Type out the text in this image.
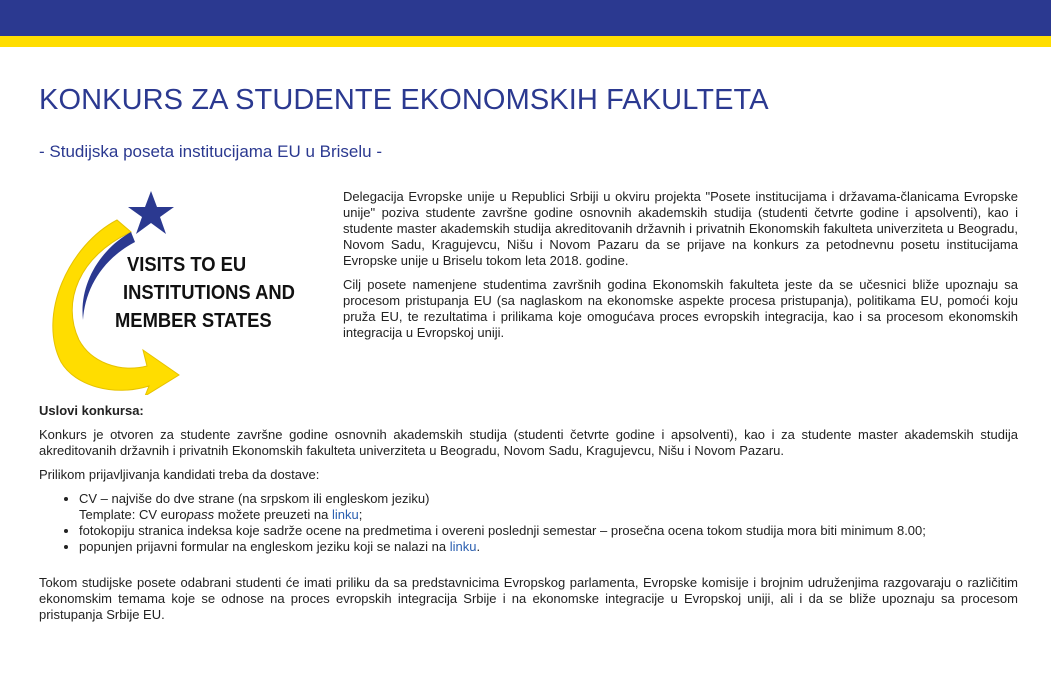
KONKURS ZA STUDENTE EKONOMSKIH FAKULTETA
- Studijska poseta institucijama EU u Briselu -
VISITS TO EU
INSTITUTIONS AND
MEMBER STATES

Delegacija Evropske unije u Republici Srbiji u okviru projekta "Posete institucijama i državama-članicama Evropske unije" poziva studente završne godine osnovnih akademskih studija (studenti četvrte godine i apsolventi), kao i studente master akademskih studija akreditovanih državnih i privatnih Ekonomskih fakulteta univerziteta u Beogradu, Novom Sadu, Kragujevcu, Nišu i Novom Pazaru da se prijave na konkurs za petodnevnu posetu institucijama Evropske unije u Briselu tokom leta 2018. godine.

Cilj posete namenjene studentima završnih godina Ekonomskih fakulteta jeste da se učesnici bliže upoznaju sa procesom pristupanja EU (sa naglaskom na ekonomske aspekte procesa pristupanja), politikama EU, pomoći koju pruža EU, te rezultatima i prilikama koje omogućava proces evropskih integracija, kao i sa procesom ekonomskih integracija u Evropskoj uniji.

Uslovi konkursa:

Konkurs je otvoren za studente završne godine osnovnih akademskih studija (studenti četvrte godine i apsolventi), kao i za studente master akademskih studija akreditovanih državnih i privatnih Ekonomskih fakulteta univerziteta u Beogradu, Novom Sadu, Kragujevcu, Nišu i Novom Pazaru.

Prilikom prijavljivanja kandidati treba da dostave:

• CV – najviše do dve strane (na srpskom ili engleskom jeziku)
Template: CV europass možete preuzeti na linku;
• fotokopiju stranica indeksa koje sadrže ocene na predmetima i overeni poslednji semestar – prosečna ocena tokom studija mora biti minimum 8.00;
• popunjen prijavni formular na engleskom jeziku koji se nalazi na linku.

Tokom studijske posete odabrani studenti će imati priliku da sa predstavnicima Evropskog parlamenta, Evropske komisije i brojnim udruženjima razgovaraju o različitim ekonomskim temama koje se odnose na proces evropskih integracija Srbije i na ekonomske integracije u Evropskoj uniji, ali i da se bliže upoznaju sa procesom pristupanja Srbije EU.
